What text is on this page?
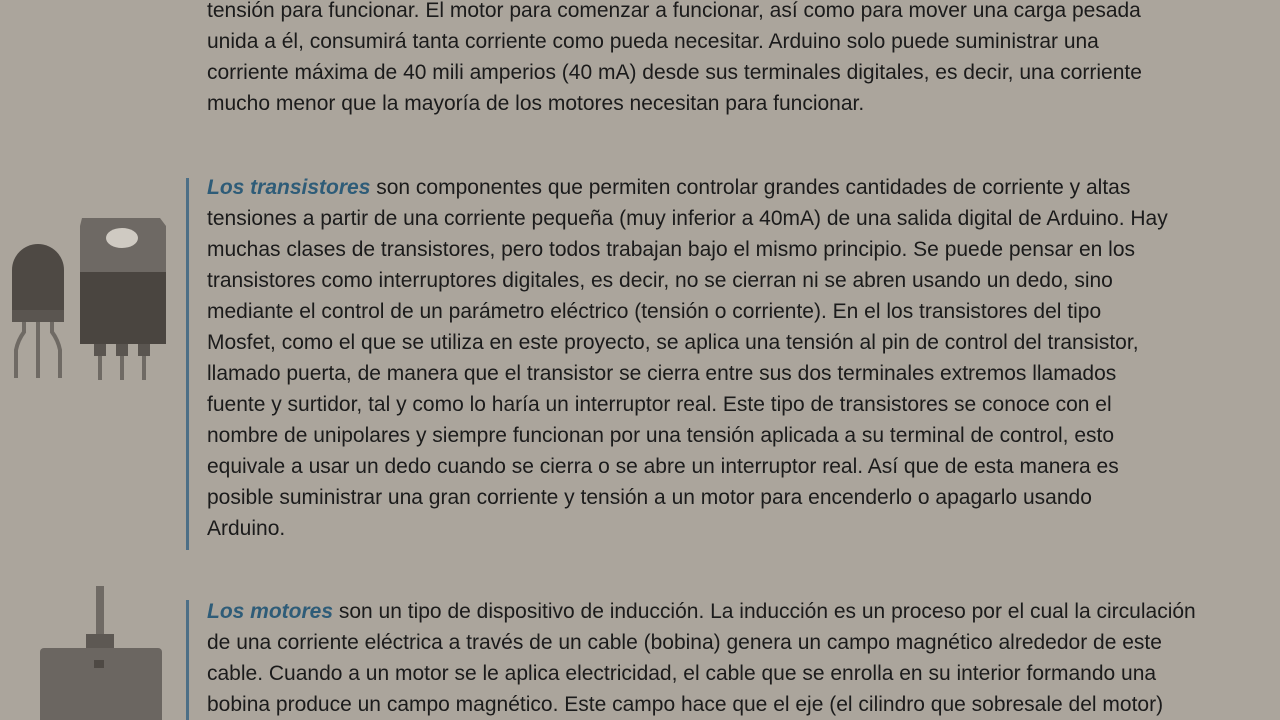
tensión para funcionar. El motor para comenzar a funcionar, así como para mover una carga pesada
unida a él, consumirá tanta corriente como pueda necesitar. Arduino solo puede suministrar una
corriente máxima de 40 mili amperios (40 mA) desde sus terminales digitales, es decir, una corriente
mucho menor que la mayoría de los motores necesitan para funcionar.
Los transistores son componentes que permiten controlar grandes cantidades de corriente y altas
tensiones a partir de una corriente pequeña (muy inferior a 40mA) de una salida digital de Arduino. Hay
muchas clases de transistores, pero todos trabajan bajo el mismo principio. Se puede pensar en los
transistores como interruptores digitales, es decir, no se cierran ni se abren usando un dedo, sino
mediante el control de un parámetro eléctrico (tensión o corriente). En el los transistores del tipo
Mosfet, como el que se utiliza en este proyecto, se aplica una tensión al pin de control del transistor,
llamado puerta, de manera que el transistor se cierra entre sus dos terminales extremos llamados
fuente y surtidor, tal y como lo haría un interruptor real. Este tipo de transistores se conoce con el
nombre de unipolares y siempre funcionan por una tensión aplicada a su terminal de control, esto
equivale a usar un dedo cuando se cierra o se abre un interruptor real. Así que de esta manera es
posible suministrar una gran corriente y tensión a un motor para encenderlo o apagarlo usando
Arduino.
Los motores son un tipo de dispositivo de inducción. La inducción es un proceso por el cual la circulación
de una corriente eléctrica a través de un cable (bobina) genera un campo magnético alrededor de este
cable. Cuando a un motor se le aplica electricidad, el cable que se enrolla en su interior formando una
bobina produce un campo magnético. Este campo hace que el eje (el cilindro que sobresale del motor)
